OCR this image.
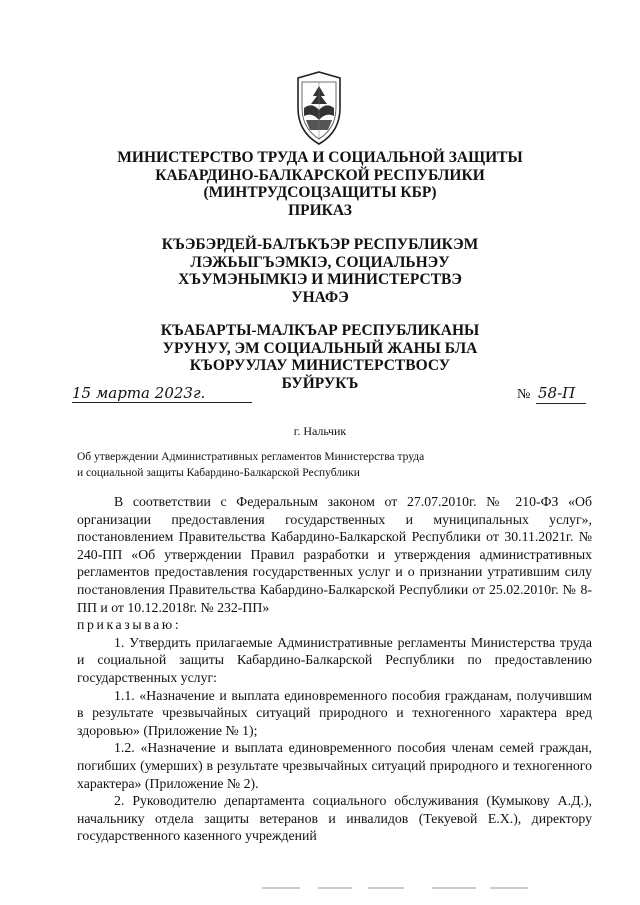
МИНИСТЕРСТВО ТРУДА И СОЦИАЛЬНОЙ ЗАЩИТЫ
КАБАРДИНО-БАЛКАРСКОЙ РЕСПУБЛИКИ
(МИНТРУДСОЦЗАЩИТЫ КБР)
ПРИКАЗ
КЪЭБЭРДЕЙ-БАЛЪКЪЭР РЕСПУБЛИКЭМ
ЛЭЖЬЫГЪЭМКIЭ, СОЦИАЛЬНЭУ
ХЪУМЭНЫМКIЭ И МИНИСТЕРСТВЭ
УНАФЭ
КЪАБАРТЫ-МАЛКЪАР РЕСПУБЛИКАНЫ
УРУНУУ, ЭМ СОЦИАЛЬНЫЙ ЖАНЫ БЛА
КЪОРУУЛАУ МИНИСТЕРСТВОСУ
БУЙРУКЪ
15 марта 2023г.	№ 58-П
г. Нальчик
Об утверждении Административных регламентов Министерства труда
и социальной защиты Кабардино-Балкарской Республики

В соответствии с Федеральным законом от 27.07.2010г. № 210-ФЗ «Об организации предоставления государственных и муниципальных услуг», постановлением Правительства Кабардино-Балкарской Республики от 30.11.2021г. № 240-ПП «Об утверждении Правил разработки и утверждения административных регламентов предоставления государственных услуг и о признании утратившим силу постановления Правительства Кабардино-Балкарской Республики от 25.02.2010г. № 8-ПП и от 10.12.2018г. № 232-ПП»

приказываю:

1. Утвердить прилагаемые Административные регламенты Министерства труда и социальной защиты Кабардино-Балкарской Республики по предоставлению государственных услуг:

1.1. «Назначение и выплата единовременного пособия гражданам, получившим в результате чрезвычайных ситуаций природного и техногенного характера вред здоровью» (Приложение № 1);

1.2. «Назначение и выплата единовременного пособия членам семей граждан, погибших (умерших) в результате чрезвычайных ситуаций природного и техногенного характера» (Приложение № 2).

2. Руководителю департамента социального обслуживания (Кумыкову А.Д.), начальнику отдела защиты ветеранов и инвалидов (Текуевой Е.Х.), директору государственного казенного учреждений
